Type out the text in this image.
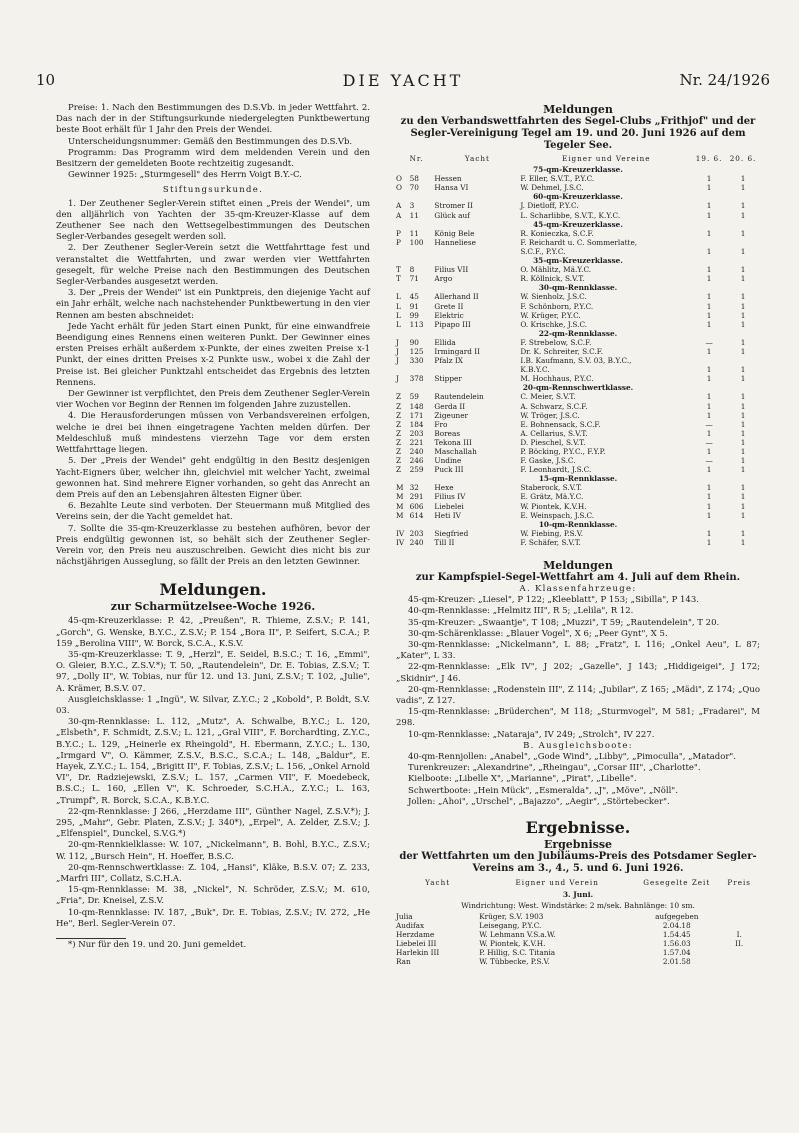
10	DIE YACHT	Nr. 24/1926

Preise: 1. Nach den Bestimmungen des D.S.Vb. in jeder Wettfahrt. 2. Das nach der in der Stiftungsurkunde niedergelegten Punktbewertung beste Boot erhält für 1 Jahr den Preis der Wendei.

Unterscheidungsnummer: Gemäß den Bestimmungen des D.S.Vb.

Programm: Das Programm wird dem meldenden Verein und den Besitzern der gemeldeten Boote rechtzeitig zugesandt.

Gewinner 1925: „Sturmgesell" des Herrn Voigt B.Y.-C.

Stiftungsurkunde.

1. Der Zeuthener Segler-Verein stiftet einen „Preis der Wendei", um den alljährlich von Yachten der 35-qm-Kreuzer-Klasse auf dem Zeuthener See nach den Wettsegelbestimmungen des Deutschen Segler-Verbandes gesegelt werden soll.

2. Der Zeuthener Segler-Verein setzt die Wettfahrttage fest und veranstaltet die Wettfahrten, und zwar werden vier Wettfahrten gesegelt, für welche Preise nach den Bestimmungen des Deutschen Segler-Verbandes ausgesetzt werden.

3. Der „Preis der Wendei" ist ein Punktpreis, den diejenige Yacht auf ein Jahr erhält, welche nach nachstehender Punktbewertung in den vier Rennen am besten abschneidet:

Jede Yacht erhält für jeden Start einen Punkt, für eine einwandfreie Beendigung eines Rennens einen weiteren Punkt. Der Gewinner eines ersten Preises erhält außerdem x-Punkte, der eines zweiten Preise x-1 Punkt, der eines dritten Preises x-2 Punkte usw., wobei x die Zahl der Preise ist. Bei gleicher Punktzahl entscheidet das Ergebnis des letzten Rennens.

Der Gewinner ist verpflichtet, den Preis dem Zeuthener Segler-Verein vier Wochen vor Beginn der Rennen im folgenden Jahre zuzustellen.

4. Die Herausforderungen müssen von Verbandsvereinen erfolgen, welche ie drei bei ihnen eingetragene Yachten melden dürfen. Der Meldeschluß muß mindestens vierzehn Tage vor dem ersten Wettfahrttage liegen.

5. Der „Preis der Wendei" geht endgültig in den Besitz desjenigen Yacht-Eigners über, welcher ihn, gleichviel mit welcher Yacht, zweimal gewonnen hat. Sind mehrere Eigner vorhanden, so geht das Anrecht an dem Preis auf den an Lebensjahren ältesten Eigner über.

6. Bezahlte Leute sind verboten. Der Steuermann muß Mitglied des Vereins sein, der die Yacht gemeldet hat.

7. Sollte die 35-qm-Kreuzerklasse zu bestehen aufhören, bevor der Preis endgültig gewonnen ist, so behält sich der Zeuthener Segler-Verein vor, den Preis neu auszuschreiben. Gewicht dies nicht bis zur nächstjährigen Ausseglung, so fällt der Preis an den letzten Gewinner.

Meldungen.
zur Scharmützelsee-Woche 1926.

45-qm-Kreuzerklasse: P. 42, „Preußen", R. Thieme, Z.S.V.; P. 141, „Gorch", G. Wenske, B.Y.C., Z.S.V.; P. 154 „Bora II", P. Seifert, S.C.A.; P. 159 „Berolina VIII", W. Borck, S.C.A., K.S.V.

35-qm-Kreuzerklasse: T. 9, „Herzl", E. Seidel, B.S.C.; T. 16, „Emmi", O. Gleier, B.Y.C., Z.S.V.*); T. 50, „Rautendelein", Dr. E. Tobias, Z.S.V.; T. 97, „Dolly II", W. Tobias, nur für 12. und 13. Juni, Z.S.V.; T. 102, „Julie", A. Krämer, B.S.V. 07.

Ausgleichsklasse: 1 „Ingü", W. Silvar, Z.Y.C.; 2 „Kobold", P. Boldt, S.V. 03.

30-qm-Rennklasse: L. 112, „Mutz", A. Schwalbe, B.Y.C.; L. 120, „Elsbeth", F. Schmidt, Z.S.V.; L. 121, „Gral VIII", F. Borchardting, Z.Y.C., B.Y.C.; L. 129, „Heinerle ex Rheingold", H. Ebermann, Z.Y.C.; L. 130, „Irmgard V", O. Kämmer, Z.S.V., B.S.C., S.C.A.; L. 148, „Baldur", E. Hayek, Z.Y.C.; L. 154, „Brigitt II", F. Tobias, Z.S.V.; L. 156, „Onkel Arnold VI", Dr. Radziejewski, Z.S.V.; L. 157, „Carmen VII", F. Moedebeck, B.S.C.; L. 160, „Ellen V", K. Schroeder, S.C.H.A., Z.Y.C.; L. 163, „Trumpf", R. Borck, S.C.A., K.B.Y.C.

22-qm-Rennklasse: J 266, „Herzdame III", Günther Nagel, Z.S.V.*); J. 295, „Mahr", Gebr. Platen, Z.S.V.; J. 340*), „Erpel", A. Zelder, Z.S.V.; J. „Elfenspiel", Dunckel, S.V.G.*)

20-qm-Rennkielklasse: W. 107, „Nickelmann", B. Bohl, B.Y.C., Z.S.V.; W. 112, „Bursch Hein", H. Hoeffer, B.S.C.

20-qm-Rennschwertklasse: Z. 104, „Hansi", Kläke, B.S.V. 07; Z. 233, „Marfri III", Collatz, S.C.H.A.

15-qm-Rennklasse: M. 38, „Nickel", N. Schröder, Z.S.V.; M. 610, „Fria", Dr. Kneisel, Z.S.V.

10-qm-Rennklasse: IV. 187, „Buk", Dr. E. Tobias, Z.S.V.; IV. 272, „He He", Berl. Segler-Verein 07.

*) Nur für den 19. und 20. Juni gemeldet.

Meldungen
zu den Verbandswettfahrten des Segel-Clubs „Frithjof" und der Segler-Vereinigung Tegel am 19. und 20. Juni 1926 auf dem Tegeler See.
	Nr.	Yacht	Eigner und Vereine	19. 6.	20. 6.
75-qm-Kreuzerklasse.					
O	58	Hessen	F. Eller, S.V.T., P.Y.C.	1	1
O	70	Hansa VI	W. Dehmel, J.S.C.	1	1
60-qm-Kreuzerklasse.					
A	3	Stromer II	J. Dietloff, P.Y.C.	1	1
A	11	Glück auf	L. Scharlibbe, S.V.T., K.Y.C.	1	1
45-qm-Kreuzerklasse.					
P	11	König Bele	R. Konieczka, S.C.F.	1	1
P	100	Hanneliese	F. Reichardt u. C. Sommerlatte,		
			S.C.F., P.Y.C.	1	1
35-qm-Kreuzerklasse.					
T	8	Filius VII	O. Mählitz, Mä.Y.C.	1	1
T	71	Argo	R. Köllnick, S.V.T.	1	1
30-qm-Rennklasse.					
L	45	Allerhand II	W. Sienholz, J.S.C.	1	1
L	91	Grete II	F. Schönborn, P.Y.C.	1	1
L	99	Elektric	W. Krüger, P.Y.C.	1	1
L	113	Pipapo III	O. Krischke, J.S.C.	1	1
22-qm-Rennklasse.					
J	90	Ellida	F. Strebelow, S.C.F.	—	1
J	125	Irmingard II	Dr. K. Schreiter, S.C.F.	1	1
J	330	Pfalz IX	I.B. Kaufmann, S.V. 03, B.Y.C.,		
			K.B.Y.C.	1	1
J	378	Stipper	M. Hochhaus, P.Y.C.	1	1
20-qm-Rennschwertklasse.					
Z	59	Rautendelein	C. Meier, S.V.T.	1	1
Z	148	Gerda II	A. Schwarz, S.C.F.	1	1
Z	171	Zigeuner	W. Tröger, J.S.C.	1	1
Z	184	Fro	E. Bohnensack, S.C.F.	—	1
Z	203	Boreas	A. Cellarius, S.V.T.	1	1
Z	221	Tekona III	D. Pieschel, S.V.T.	—	1
Z	240	Maschallah	P. Böcking, P.Y.C., F.Y.P.	1	1
Z	246	Undine	F. Gaske, J.S.C.	—	1
Z	259	Puck III	F. Leonhardt, J.S.C.	1	1
15-qm-Rennklasse.					
M	32	Hexe	Staberock, S.V.T.	1	1
M	291	Filius IV	E. Grätz, Mä.Y.C.	1	1
M	606	Liebelei	W. Piontek, K.V.H.	1	1
M	614	Heti IV	E. Weinspach, J.S.C.	1	1
10-qm-Rennklasse.					
IV	203	Siegfried	W. Fiebing, P.S.V.	1	1
IV	240	Till II	F. Schäfer, S.V.T.	1	1
Meldungen
zur Kampfspiel-Segel-Wettfahrt am 4. Juli auf dem Rhein.

A. Klassenfahrzeuge:

45-qm-Kreuzer: „Liesel", P 122; „Kleeblatt", P 153; „Sibilla", P 143.

40-qm-Rennklasse: „Helmitz III", R 5; „Lelila", R 12.

35-qm-Kreuzer: „Swaantje", T 108; „Muzzi", T 59; „Rautendelein", T 20.

30-qm-Schärenklasse: „Blauer Vogel", X 6; „Peer Gynt", X 5.

30-qm-Rennklasse: „Nickelmann", L 88; „Fratz", L 116; „Onkel Aeu", L 87; „Kater", L 33.

22-qm-Rennklasse: „Elk IV", J 202; „Gazelle", J 143; „Hiddigeigei", J 172; „Skidnir", J 46.

20-qm-Rennklasse: „Rodenstein III", Z 114; „Jubilar", Z 165; „Mädi", Z 174; „Quo vadis", Z 127.

15-qm-Rennklasse: „Brüderchen", M 118; „Sturmvogel", M 581; „Fradarei", M 298.

10-qm-Rennklasse: „Nataraja", IV 249; „Strolch", IV 227.

B. Ausgleichsboote:

40-qm-Rennjollen: „Anabel", „Gode Wind", „Libby", „Pimoculla", „Matador".

Turenkreuzer: „Alexandrine", „Rheingau", „Corsar III", „Charlotte".

Kielboote: „Libelle X", „Marianne", „Pirat", „Libelle".

Schwertboote: „Hein Mück", „Esmeralda", „J", „Möve", „Nöll".

Jollen: „Ahoi", „Urschel", „Bajazzo", „Aegir", „Störtebecker".

Ergebnisse.
Ergebnisse
der Wettfahrten um den Jubiläums-Preis des Potsdamer Segler-Vereins am 3., 4., 5. und 6. Juni 1926.
Yacht	Eigner und Verein	Gesegelte Zeit	Preis

3. Juni.

Windrichtung: West. Windstärke: 2 m/sek. Bahnlänge: 10 sm.

Julia	Krüger, S.V. 1903	aufgegeben	
Audifax	Leisegang, P.Y.C.	2.04.18	
Herzdame	W. Lehmann V.S.a.W.	1.54.45	I.
Liebelei III	W. Piontek, K.V.H.	1.56.03	II.
Harlekin III	P. Hillig, S.C. Titania	1.57.04	
Ran	W. Tübbecke, P.S.V.	2.01.58	
